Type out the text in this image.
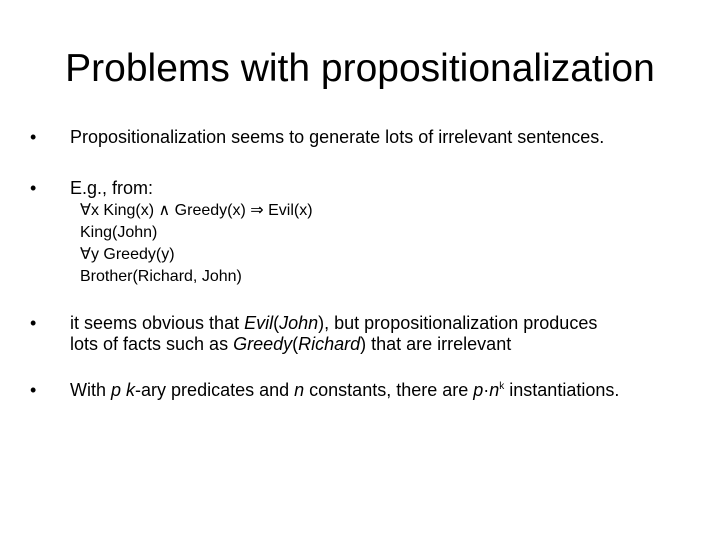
Problems with propositionalization
•	Propositionalization seems to generate lots of irrelevant sentences.
•	E.g., from:
∀x King(x) ∧ Greedy(x) ⇒ Evil(x)
King(John)
∀y Greedy(y)
Brother(Richard, John)
•	it seems obvious that Evil(John), but propositionalization produces
lots of facts such as Greedy(Richard) that are irrelevant
•	With p k-ary predicates and n constants, there are $p\cdot n^k$ instantiations.
